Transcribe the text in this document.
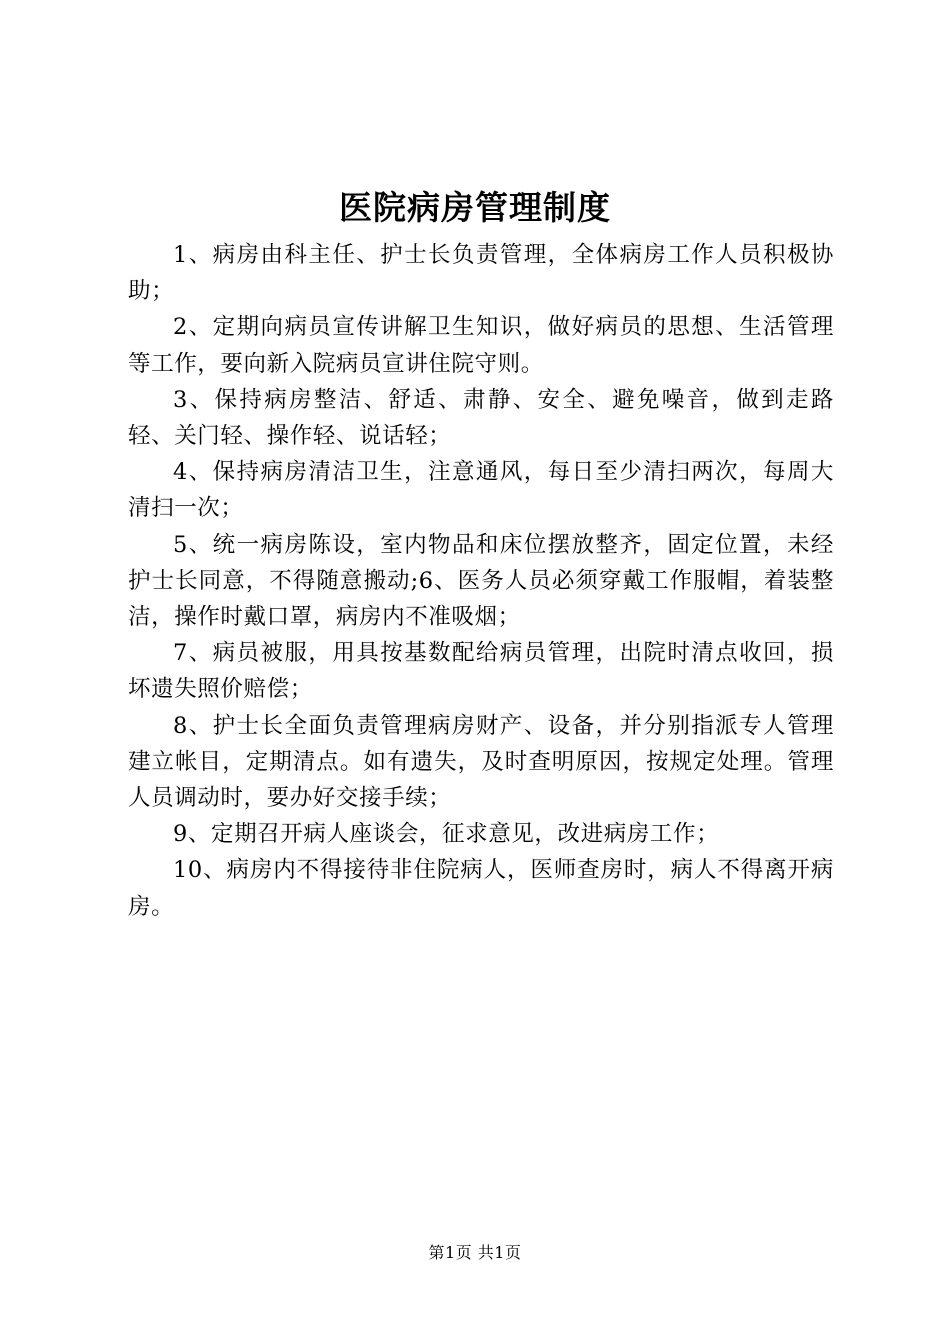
医院病房管理制度

1、病房由科主任、护士长负责管理，全体病房工作人员积极协助；

2、定期向病员宣传讲解卫生知识，做好病员的思想、生活管理等工作，要向新入院病员宣讲住院守则。

3、保持病房整洁、舒适、肃静、安全、避免噪音，做到走路轻、关门轻、操作轻、说话轻；

4、保持病房清洁卫生，注意通风，每日至少清扫两次，每周大清扫一次；

5、统一病房陈设，室内物品和床位摆放整齐，固定位置，未经护士长同意，不得随意搬动;6、医务人员必须穿戴工作服帽，着装整洁，操作时戴口罩，病房内不准吸烟；

7、病员被服，用具按基数配给病员管理，出院时清点收回，损坏遗失照价赔偿；

8、护士长全面负责管理病房财产、设备，并分别指派专人管理建立帐目，定期清点。如有遗失，及时查明原因，按规定处理。管理人员调动时，要办好交接手续；

9、定期召开病人座谈会，征求意见，改进病房工作；

10、病房内不得接待非住院病人，医师查房时，病人不得离开病房。

第1页 共1页
